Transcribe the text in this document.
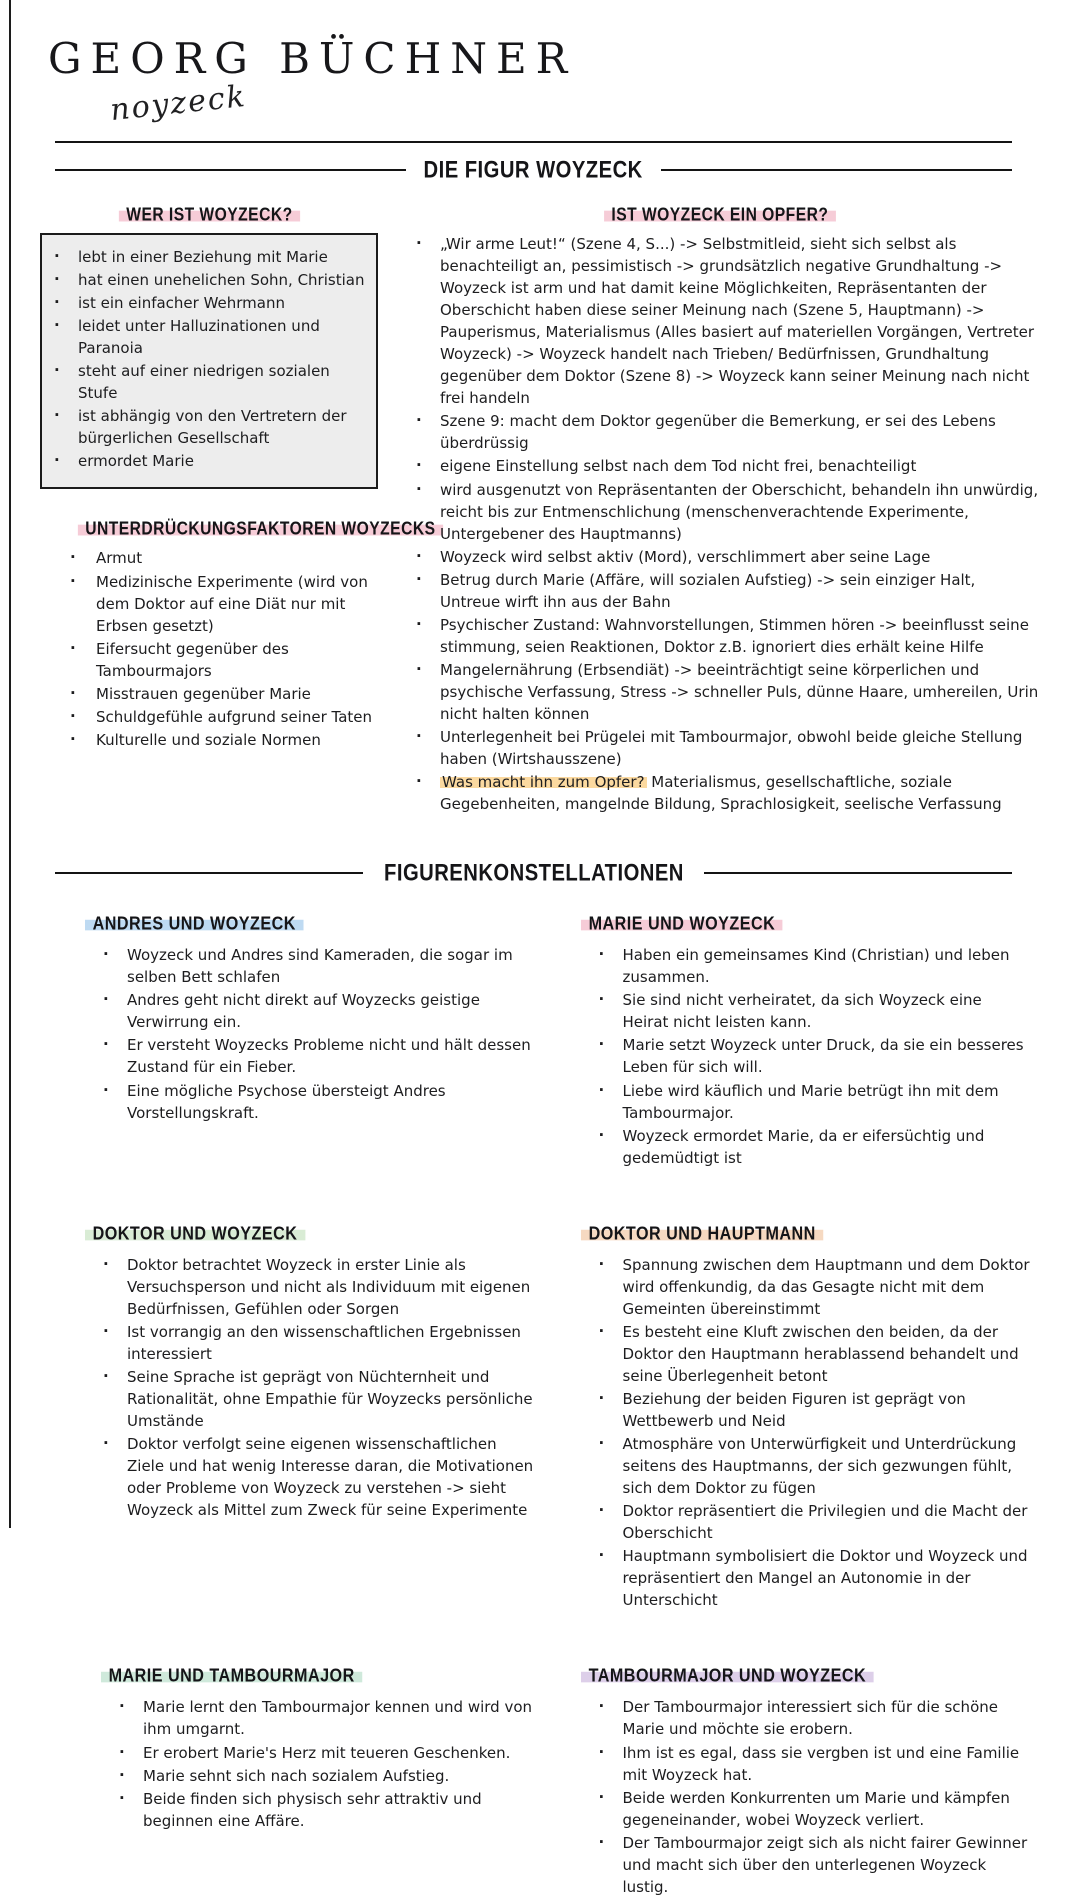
GEORG BÜCHNER
noyzeck
DIE FIGUR WOYZECK
WER IST WOYZECK?
· lebt in einer Beziehung mit Marie
· hat einen unehelichen Sohn, Christian
· ist ein einfacher Wehrmann
· leidet unter Halluzinationen und Paranoia
· steht auf einer niedrigen sozialen Stufe
· ist abhängig von den Vertretern der bürgerlichen Gesellschaft
· ermordet Marie
UNTERDRÜCKUNGSFAKTOREN WOYZECKS
· Armut
· Medizinische Experimente (wird von dem Doktor auf eine Diät nur mit Erbsen gesetzt)
· Eifersucht gegenüber des Tambourmajors
· Misstrauen gegenüber Marie
· Schuldgefühle aufgrund seiner Taten
· Kulturelle und soziale Normen
IST WOYZECK EIN OPFER?
· „Wir arme Leut!“ (Szene 4, S...) -> Selbstmitleid, sieht sich selbst als benachteiligt an, pessimistisch -> grundsätzlich negative Grundhaltung -> Woyzeck ist arm und hat damit keine Möglichkeiten, Repräsentanten der Oberschicht haben diese seiner Meinung nach (Szene 5, Hauptmann) -> Pauperismus, Materialismus (Alles basiert auf materiellen Vorgängen, Vertreter Woyzeck) -> Woyzeck handelt nach Trieben/ Bedürfnissen, Grundhaltung gegenüber dem Doktor (Szene 8) -> Woyzeck kann seiner Meinung nach nicht frei handeln
· Szene 9: macht dem Doktor gegenüber die Bemerkung, er sei des Lebens überdrüssig
· eigene Einstellung selbst nach dem Tod nicht frei, benachteiligt
· wird ausgenutzt von Repräsentanten der Oberschicht, behandeln ihn unwürdig, reicht bis zur Entmenschlichung (menschenverachtende Experimente, Untergebener des Hauptmanns)
· Woyzeck wird selbst aktiv (Mord), verschlimmert aber seine Lage
· Betrug durch Marie (Affäre, will sozialen Aufstieg) -> sein einziger Halt, Untreue wirft ihn aus der Bahn
· Psychischer Zustand: Wahnvorstellungen, Stimmen hören -> beeinflusst seine stimmung, seien Reaktionen, Doktor z.B. ignoriert dies erhält keine Hilfe
· Mangelernährung (Erbsendiät) -> beeinträchtigt seine körperlichen und psychische Verfassung, Stress -> schneller Puls, dünne Haare, umhereilen, Urin nicht halten können
· Unterlegenheit bei Prügelei mit Tambourmajor, obwohl beide gleiche Stellung haben (Wirtshausszene)
· Was macht ihn zum Opfer? Materialismus, gesellschaftliche, soziale Gegebenheiten, mangelnde Bildung, Sprachlosigkeit, seelische Verfassung
FIGURENKONSTELLATIONEN
ANDRES UND WOYZECK
· Woyzeck und Andres sind Kameraden, die sogar im selben Bett schlafen
· Andres geht nicht direkt auf Woyzecks geistige Verwirrung ein.
· Er versteht Woyzecks Probleme nicht und hält dessen Zustand für ein Fieber.
· Eine mögliche Psychose übersteigt Andres Vorstellungskraft.
MARIE UND WOYZECK
· Haben ein gemeinsames Kind (Christian) und leben zusammen.
· Sie sind nicht verheiratet, da sich Woyzeck eine Heirat nicht leisten kann.
· Marie setzt Woyzeck unter Druck, da sie ein besseres Leben für sich will.
· Liebe wird käuflich und Marie betrügt ihn mit dem Tambourmajor.
· Woyzeck ermordet Marie, da er eifersüchtig und gedemüdtigt ist
DOKTOR UND WOYZECK
· Doktor betrachtet Woyzeck in erster Linie als Versuchsperson und nicht als Individuum mit eigenen Bedürfnissen, Gefühlen oder Sorgen
· Ist vorrangig an den wissenschaftlichen Ergebnissen interessiert
· Seine Sprache ist geprägt von Nüchternheit und Rationalität, ohne Empathie für Woyzecks persönliche Umstände
· Doktor verfolgt seine eigenen wissenschaftlichen Ziele und hat wenig Interesse daran, die Motivationen oder Probleme von Woyzeck zu verstehen -> sieht Woyzeck als Mittel zum Zweck für seine Experimente
DOKTOR UND HAUPTMANN
· Spannung zwischen dem Hauptmann und dem Doktor wird offenkundig, da das Gesagte nicht mit dem Gemeinten übereinstimmt
· Es besteht eine Kluft zwischen den beiden, da der Doktor den Hauptmann herablassend behandelt und seine Überlegenheit betont
· Beziehung der beiden Figuren ist geprägt von Wettbewerb und Neid
· Atmosphäre von Unterwürfigkeit und Unterdrückung seitens des Hauptmanns, der sich gezwungen fühlt, sich dem Doktor zu fügen
· Doktor repräsentiert die Privilegien und die Macht der Oberschicht
· Hauptmann symbolisiert die Doktor und Woyzeck und repräsentiert den Mangel an Autonomie in der Unterschicht
MARIE UND TAMBOURMAJOR
· Marie lernt den Tambourmajor kennen und wird von ihm umgarnt.
· Er erobert Marie's Herz mit teueren Geschenken.
· Marie sehnt sich nach sozialem Aufstieg.
· Beide finden sich physisch sehr attraktiv und beginnen eine Affäre.
TAMBOURMAJOR UND WOYZECK
· Der Tambourmajor interessiert sich für die schöne Marie und möchte sie erobern.
· Ihm ist es egal, dass sie vergben ist und eine Familie mit Woyzeck hat.
· Beide werden Konkurrenten um Marie und kämpfen gegeneinander, wobei Woyzeck verliert.
· Der Tambourmajor zeigt sich als nicht fairer Gewinner und macht sich über den unterlegenen Woyzeck lustig.
